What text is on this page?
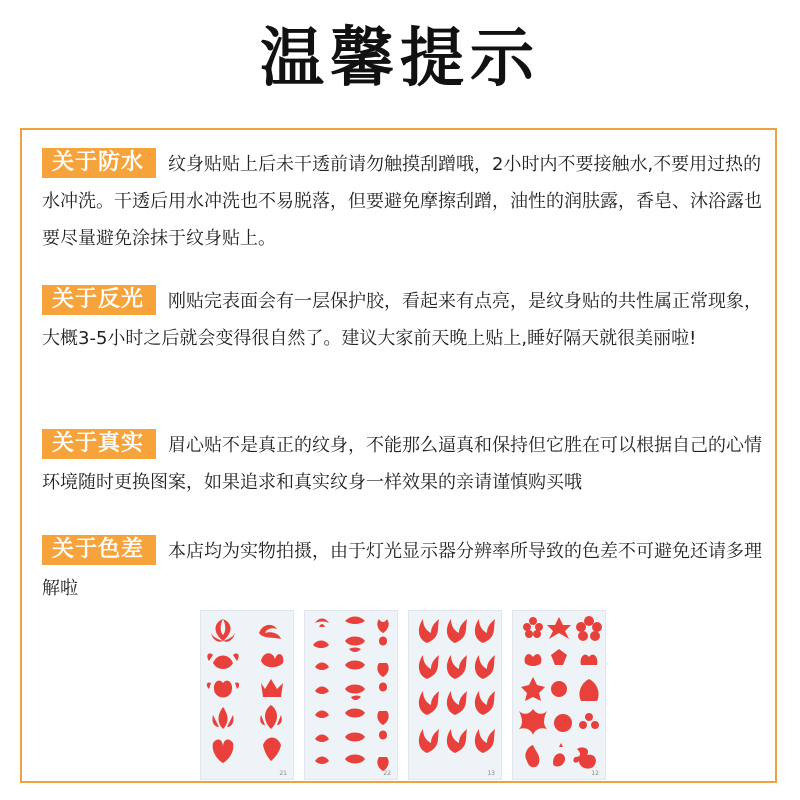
温馨提示

关于防水 纹身贴贴上后未干透前请勿触摸刮蹭哦，2小时内不要接触水,不要用过热的水冲洗。干透后用水冲洗也不易脱落，但要避免摩擦刮蹭，油性的润肤露，香皂、沐浴露也要尽量避免涂抹于纹身贴上。

关于反光 刚贴完表面会有一层保护胶，看起来有点亮，是纹身贴的共性属正常现象，大概3-5小时之后就会变得很自然了。建议大家前天晚上贴上,睡好隔天就很美丽啦!

关于真实 眉心贴不是真正的纹身，不能那么逼真和保持但它胜在可以根据自己的心情环境随时更换图案，如果追求和真实纹身一样效果的亲请谨慎购买哦

关于色差 本店均为实物拍摄，由于灯光显示器分辨率所导致的色差不可避免还请多理解啦

21	22	13	12
